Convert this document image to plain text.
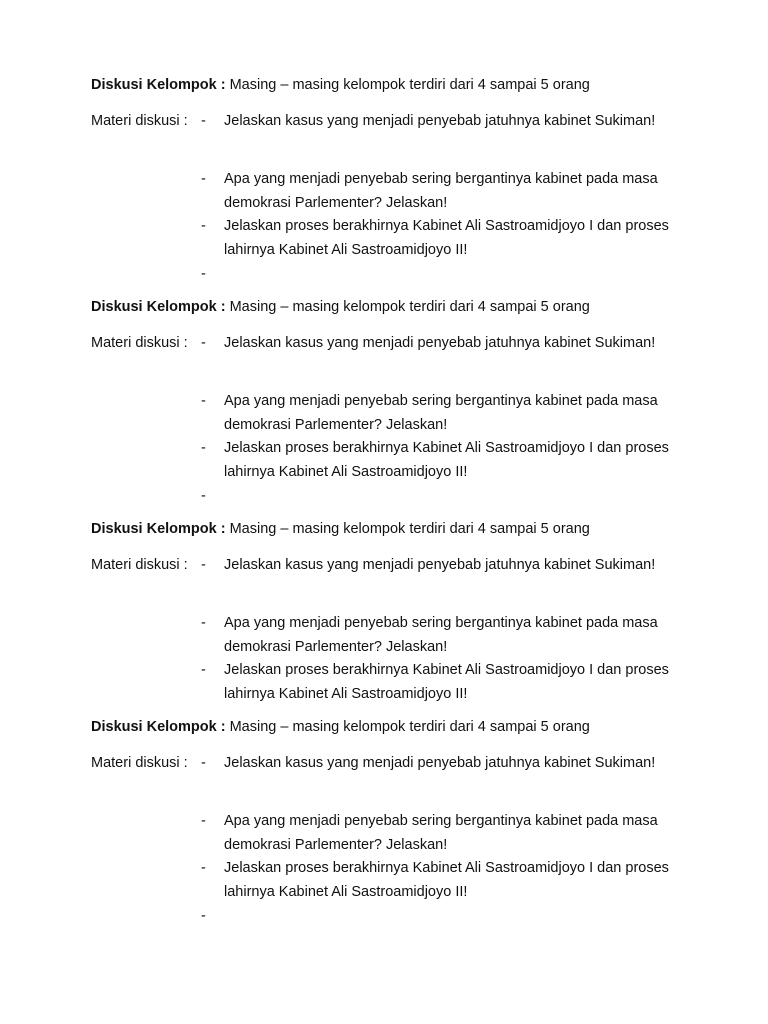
Diskusi Kelompok : Masing – masing kelompok terdiri dari 4 sampai 5 orang
Materi diskusi : - Jelaskan kasus yang menjadi penyebab jatuhnya kabinet Sukiman!
- Apa yang menjadi penyebab sering bergantinya kabinet pada masa demokrasi Parlementer? Jelaskan!
- Jelaskan proses berakhirnya Kabinet Ali Sastroamidjoyo I dan proses lahirnya Kabinet Ali Sastroamidjoyo II!
-
Diskusi Kelompok : Masing – masing kelompok terdiri dari 4 sampai 5 orang
Materi diskusi : - Jelaskan kasus yang menjadi penyebab jatuhnya kabinet Sukiman!
- Apa yang menjadi penyebab sering bergantinya kabinet pada masa demokrasi Parlementer? Jelaskan!
- Jelaskan proses berakhirnya Kabinet Ali Sastroamidjoyo I dan proses lahirnya Kabinet Ali Sastroamidjoyo II!
-
Diskusi Kelompok : Masing – masing kelompok terdiri dari 4 sampai 5 orang
Materi diskusi : - Jelaskan kasus yang menjadi penyebab jatuhnya kabinet Sukiman!
- Apa yang menjadi penyebab sering bergantinya kabinet pada masa demokrasi Parlementer? Jelaskan!
- Jelaskan proses berakhirnya Kabinet Ali Sastroamidjoyo I dan proses lahirnya Kabinet Ali Sastroamidjoyo II!
Diskusi Kelompok : Masing – masing kelompok terdiri dari 4 sampai 5 orang
Materi diskusi : - Jelaskan kasus yang menjadi penyebab jatuhnya kabinet Sukiman!
- Apa yang menjadi penyebab sering bergantinya kabinet pada masa demokrasi Parlementer? Jelaskan!
- Jelaskan proses berakhirnya Kabinet Ali Sastroamidjoyo I dan proses lahirnya Kabinet Ali Sastroamidjoyo II!
-
